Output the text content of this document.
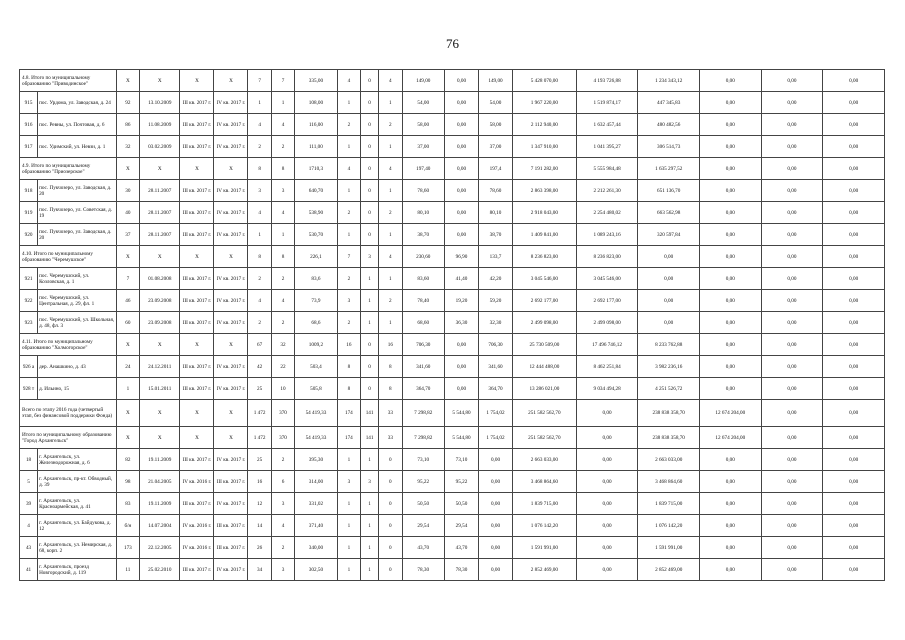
76
4.8. Итого по муниципальному образованию "Приводинское"		X	X	X	X	7	7	335,00	4	0	4	149,00	0,00	149,00	5 428 070,00	4 193 726,88	1 234 343,12	0,00	0,00	0,00
915	пос. Урдома, ул. Заводская, д. 24	92	13.10.2009	III кв. 2017 г.	IV кв. 2017 г.	1	1	108,00	1	0	1	54,00	0,00	54,00	1 967 220,00	1 519 874,17	447 345,83	0,00	0,00	0,00
916	пос. Ревны, ул. Почтовая, д. 6	86	11.08.2009	III кв. 2017 г.	IV кв. 2017 г.	4	4	116,00	2	0	2	58,00	0,00	58,00	2 112 940,00	1 632 457,44	480 482,56	0,00	0,00	0,00
917	пос. Удимский, ул. Невзи, д. 1	32	03.02.2009	III кв. 2017 г.	IV кв. 2017 г.	2	2	111,00	1	0	1	37,00	0,00	37,00	1 347 910,00	1 041 395,27	306 514,73	0,00	0,00	0,00
4.9. Итого по муниципальному образованию "Приозерское"		X	X	X	X	8	8	1710,3	4	0	4	197,40	0,00	197,4	7 191 282,00	5 555 984,48	1 635 297,52	0,00	0,00	0,00
918	пос. Пукчозеро, ул. Заводская, д. 20	30	28.11.2007	III кв. 2017 г.	IV кв. 2017 г.	3	3	640,70	1	0	1	78,60	0,00	78,60	2 863 398,00	2 212 261,30	651 136,70	0,00	0,00	0,00
919	пос. Пукчозеро, ул. Советская, д. 19	40	28.11.2007	III кв. 2017 г.	IV кв. 2017 г.	4	4	538,90	2	0	2	80,10	0,00	80,10	2 918 043,00	2 254 480,02	663 562,98	0,00	0,00	0,00
920	пос. Пукчозеро, ул. Заводская, д. 20	37	28.11.2007	III кв. 2017 г.	IV кв. 2017 г.	1	1	530,70	1	0	1	38,70	0,00	38,70	1 409 841,00	1 089 243,16	320 597,84	0,00	0,00	0,00
4.10. Итого по муниципальному образованию "Черемушское"		X	X	X	X	8	8	226,1	7	3	4	230,60	96,90	133,7	8 236 823,00	8 236 823,00	0,00	0,00	0,00	0,00
921	пос. Черемушский, ул. Козловская, д. 1	7	01.08.2008	III кв. 2017 г.	IV кв. 2017 г.	2	2	83,6	2	1	1	83,60	41,40	42,20	3 045 546,00	3 045 546,00	0,00	0,00	0,00	0,00
922	пос. Черемушский, ул. Центральная, д. 29, фл. 1	46	23.09.2008	III кв. 2017 г.	IV кв. 2017 г.	4	4	73,9	3	1	2	78,40	19,20	59,20	2 692 177,00	2 692 177,00	0,00	0,00	0,00	0,00
923	пос. Черемушский, ул. Школьная, д. 48, фл. 3	60	23.09.2008	III кв. 2017 г.	IV кв. 2017 г.	2	2	68,6	2	1	1	68,60	36,30	32,30	2 499 098,00	2 499 098,00	0,00	0,00	0,00	0,00
4.11. Итого по муниципальному образованию "Холмогорское"		X	X	X	X	67	32	1009,2	16	0	16	706,30	0,00	706,30	25 730 509,00	17 496 746,12	8 233 762,88	0,00	0,00	0,00
926 а	дер. Анашкино, д. 43	24	24.12.2011	III кв. 2017 г.	IV кв. 2017 г.	42	22	503,4	8	0	8	341,60	0,00	341,60	12 444 488,00	8 462 251,84	3 982 236,16	0,00	0,00	0,00
928 т	д. Ильино, 15	1	15.01.2011	III кв. 2017 г.	IV кв. 2017 г.	25	10	505,8	8	0	8	364,70	0,00	364,70	13 286 021,00	9 034 494,28	4 251 526,72	0,00	0,00	0,00
Всего по этапу 2016 года (четвертый этап, без финансовой поддержки Фонда)		X	X	X	X	1 472	370	54 419,33	174	141	33	7 298,82	5 544,80	1 754,02	251 582 562,70	0,00	238 838 358,70	12 674 204,00	0,00	0,00
Итого по муниципальному образованию "Город Архангельск"		X	X	X	X	1 472	370	54 419,33	174	141	33	7 298,82	5 544,80	1 754,02	251 582 562,70	0,00	238 838 358,70	12 674 204,00	0,00	0,00
18	г. Архангельск, ул. Железнодорожная, д. 6	82	19.11.2009	III кв. 2017 г.	IV кв. 2017 г.	25	2	395,30	1	1	0	73,10	73,10	0,00	2 663 033,00	0,00	2 663 033,00	0,00	0,00	0,00
5	г. Архангельск, пр-кт. Обводный, д. 39	98	21.04.2005	IV кв. 2016 г.	III кв. 2017 г.	16	6	314,00	3	3	0	95,22	95,22	0,00	3 468 864,60	0,00	3 468 864,60	0,00	0,00	0,00
39	г. Архангельск, ул. Красноармейская, д. 41	83	19.11.2009	III кв. 2017 г.	IV кв. 2017 г.	12	3	331,02	1	1	0	50,50	50,50	0,00	1 839 715,00	0,00	1 839 715,00	0,00	0,00	0,00
4	г. Архангельск, ул. Байдукова, д. 12	б/н	14.07.2004	IV кв. 2016 г.	III кв. 2017 г.	14	4	371,40	1	1	0	29,54	29,54	0,00	1 076 142,20	0,00	1 076 142,20	0,00	0,00	0,00
43	г. Архангельск, ул. Немирская, д. 68, корп. 2	173	22.12.2005	IV кв. 2016 г.	III кв. 2017 г.	26	2	340,00	1	1	0	43,70	43,70	0,00	1 591 991,00	0,00	1 591 991,00	0,00	0,00	0,00
41	г. Архангельск, проезд Новгородский, д. 119	11	25.02.2010	III кв. 2017 г.	IV кв. 2017 г.	34	3	302,50	1	1	0	78,30	78,30	0,00	2 852 469,00	0,00	2 852 469,00	0,00	0,00	0,00
